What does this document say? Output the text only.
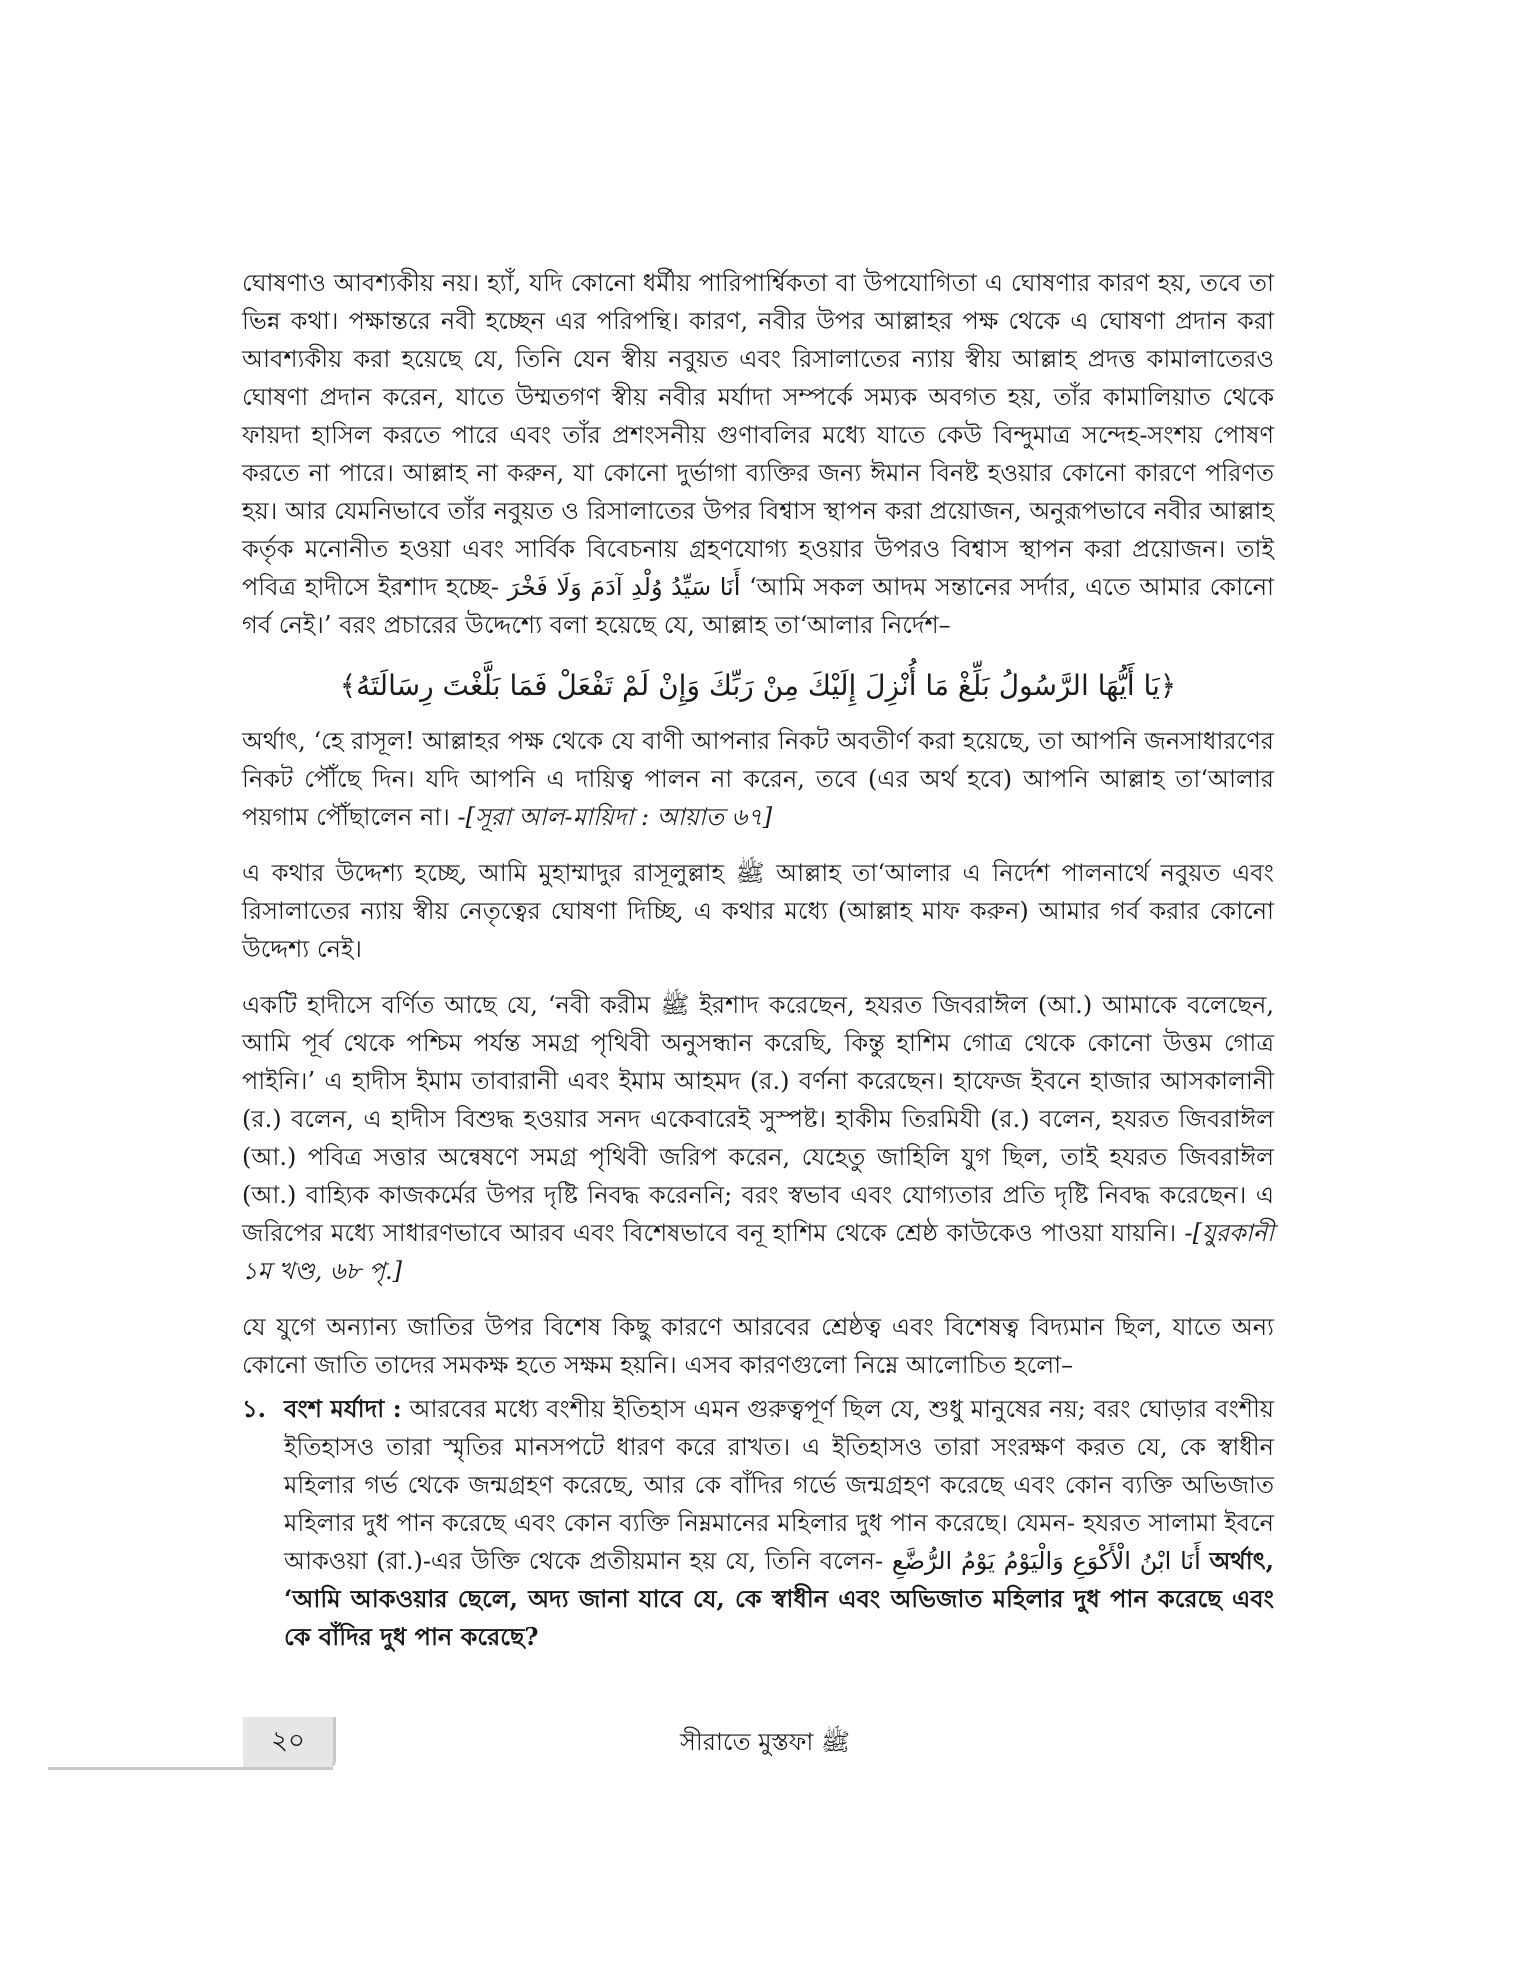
ঘোষণাও আবশ্যকীয় নয়। হ্যাঁ, যদি কোনো ধর্মীয় পারিপার্শ্বিকতা বা উপযোগিতা এ ঘোষণার কারণ হয়, তবে তা ভিন্ন কথা। পক্ষান্তরে নবী হচ্ছেন এর পরিপন্থি। কারণ, নবীর উপর আল্লাহর পক্ষ থেকে এ ঘোষণা প্রদান করা আবশ্যকীয় করা হয়েছে যে, তিনি যেন স্বীয় নবুয়ত এবং রিসালাতের ন্যায় স্বীয় আল্লাহ প্রদত্ত কামালাতেরও ঘোষণা প্রদান করেন, যাতে উম্মতগণ স্বীয় নবীর মর্যাদা সম্পর্কে সম্যক অবগত হয়, তাঁর কামালিয়াত থেকে ফায়দা হাসিল করতে পারে এবং তাঁর প্রশংসনীয় গুণাবলির মধ্যে যাতে কেউ বিন্দুমাত্র সন্দেহ-সংশয় পোষণ করতে না পারে। আল্লাহ না করুন, যা কোনো দুর্ভাগা ব্যক্তির জন্য ঈমান বিনষ্ট হওয়ার কোনো কারণে পরিণত হয়। আর যেমনিভাবে তাঁর নবুয়ত ও রিসালাতের উপর বিশ্বাস স্থাপন করা প্রয়োজন, অনুরূপভাবে নবীর আল্লাহ কর্তৃক মনোনীত হওয়া এবং সার্বিক বিবেচনায় গ্রহণযোগ্য হওয়ার উপরও বিশ্বাস স্থাপন করা প্রয়োজন। তাই পবিত্র হাদীসে ইরশাদ হচ্ছে- أَنَا سَيِّدُ وُلْدِ آدَمَ وَلَا فَخْرَ ‘আমি সকল আদম সন্তানের সর্দার, এতে আমার কোনো গর্ব নেই।’ বরং প্রচারের উদ্দেশ্যে বলা হয়েছে যে, আল্লাহ তা‘আলার নির্দেশ–

﴿يَا أَيُّهَا الرَّسُولُ بَلِّغْ مَا أُنْزِلَ إِلَيْكَ مِنْ رَبِّكَ وَإِنْ لَمْ تَفْعَلْ فَمَا بَلَّغْتَ رِسَالَتَهُ﴾

অর্থাৎ, ‘হে রাসূল! আল্লাহর পক্ষ থেকে যে বাণী আপনার নিকট অবতীর্ণ করা হয়েছে, তা আপনি জনসাধারণের নিকট পৌঁছে দিন। যদি আপনি এ দায়িত্ব পালন না করেন, তবে (এর অর্থ হবে) আপনি আল্লাহ তা‘আলার পয়গাম পৌঁছালেন না। -[সূরা আল-মায়িদা : আয়াত ৬৭]

এ কথার উদ্দেশ্য হচ্ছে, আমি মুহাম্মাদুর রাসূলুল্লাহ ﷺ আল্লাহ তা‘আলার এ নির্দেশ পালনার্থে নবুয়ত এবং রিসালাতের ন্যায় স্বীয় নেতৃত্বের ঘোষণা দিচ্ছি, এ কথার মধ্যে (আল্লাহ মাফ করুন) আমার গর্ব করার কোনো উদ্দেশ্য নেই।

একটি হাদীসে বর্ণিত আছে যে, ‘নবী করীম ﷺ ইরশাদ করেছেন, হযরত জিবরাঈল (আ.) আমাকে বলেছেন, আমি পূর্ব থেকে পশ্চিম পর্যন্ত সমগ্র পৃথিবী অনুসন্ধান করেছি, কিন্তু হাশিম গোত্র থেকে কোনো উত্তম গোত্র পাইনি।’ এ হাদীস ইমাম তাবারানী এবং ইমাম আহমদ (র.) বর্ণনা করেছেন। হাফেজ ইবনে হাজার আসকালানী (র.) বলেন, এ হাদীস বিশুদ্ধ হওয়ার সনদ একেবারেই সুস্পষ্ট। হাকীম তিরমিযী (র.) বলেন, হযরত জিবরাঈল (আ.) পবিত্র সত্তার অন্বেষণে সমগ্র পৃথিবী জরিপ করেন, যেহেতু জাহিলি যুগ ছিল, তাই হযরত জিবরাঈল (আ.) বাহ্যিক কাজকর্মের উপর দৃষ্টি নিবদ্ধ করেননি; বরং স্বভাব এবং যোগ্যতার প্রতি দৃষ্টি নিবদ্ধ করেছেন। এ জরিপের মধ্যে সাধারণভাবে আরব এবং বিশেষভাবে বনূ হাশিম থেকে শ্রেষ্ঠ কাউকেও পাওয়া যায়নি। -[যুরকানী ১ম খণ্ড, ৬৮ পৃ.]

যে যুগে অন্যান্য জাতির উপর বিশেষ কিছু কারণে আরবের শ্রেষ্ঠত্ব এবং বিশেষত্ব বিদ্যমান ছিল, যাতে অন্য কোনো জাতি তাদের সমকক্ষ হতে সক্ষম হয়নি। এসব কারণগুলো নিম্নে আলোচিত হলো–

১. বংশ মর্যাদা : আরবের মধ্যে বংশীয় ইতিহাস এমন গুরুত্বপূর্ণ ছিল যে, শুধু মানুষের নয়; বরং ঘোড়ার বংশীয় ইতিহাসও তারা স্মৃতির মানসপটে ধারণ করে রাখত। এ ইতিহাসও তারা সংরক্ষণ করত যে, কে স্বাধীন মহিলার গর্ভ থেকে জন্মগ্রহণ করেছে, আর কে বাঁদির গর্ভে জন্মগ্রহণ করেছে এবং কোন ব্যক্তি অভিজাত মহিলার দুধ পান করেছে এবং কোন ব্যক্তি নিম্নমানের মহিলার দুধ পান করেছে। যেমন- হযরত সালামা ইবনে আকওয়া (রা.)-এর উক্তি থেকে প্রতীয়মান হয় যে, তিনি বলেন- أَنَا ابْنُ الْأَكْوَعِ وَالْيَوْمُ يَوْمُ الرُّضَّعِ অর্থাৎ, ‘আমি আকওয়ার ছেলে, অদ্য জানা যাবে যে, কে স্বাধীন এবং অভিজাত মহিলার দুধ পান করেছে এবং কে বাঁদির দুধ পান করেছে?
২০	সীরাতে মুস্তফা ﷺ
